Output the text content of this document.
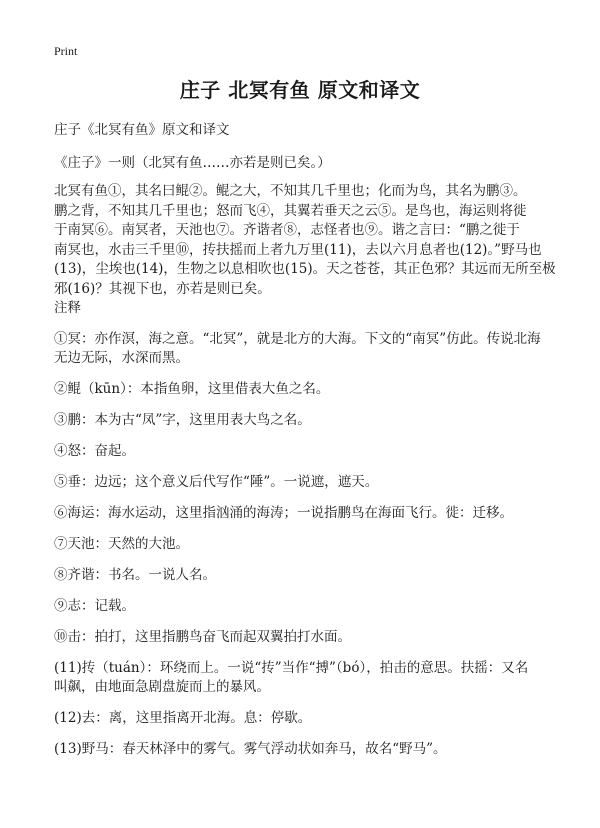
Print
庄子 北冥有鱼 原文和译文
庄子《北冥有鱼》原文和译文
《庄子》一则（北冥有鱼……亦若是则已矣。）
北冥有鱼①，其名曰鲲②。鲲之大，不知其几千里也；化而为鸟，其名为鹏③。
鹏之背，不知其几千里也；怒而飞④，其翼若垂天之云⑤。是鸟也，海运则将徙
于南冥⑥。南冥者，天池也⑦。齐谐者⑧，志怪者也⑨。谐之言曰：“鹏之徙于
南冥也，水击三千里⑩，抟扶摇而上者九万里(11)，去以六月息者也(12)。”野马也
(13)，尘埃也(14)，生物之以息相吹也(15)。天之苍苍，其正色邪？其远而无所至极
邪(16)？其视下也，亦若是则已矣。
注释
①冥：亦作溟，海之意。“北冥”，就是北方的大海。下文的“南冥”仿此。传说北海
无边无际，水深而黑。
②鲲（kūn）：本指鱼卵，这里借表大鱼之名。
③鹏：本为古“凤”字，这里用表大鸟之名。
④怒：奋起。
⑤垂：边远；这个意义后代写作“陲”。一说遮，遮天。
⑥海运：海水运动，这里指汹涌的海涛；一说指鹏鸟在海面飞行。徙：迁移。
⑦天池：天然的大池。
⑧齐谐：书名。一说人名。
⑨志：记载。
⑩击：拍打，这里指鹏鸟奋飞而起双翼拍打水面。
(11)抟（tuán）：环绕而上。一说“抟”当作“搏”（bó），拍击的意思。扶摇：又名
叫飙，由地面急剧盘旋而上的暴风。
(12)去：离，这里指离开北海。息：停歇。
(13)野马：春天林泽中的雾气。雾气浮动状如奔马，故名“野马”。
